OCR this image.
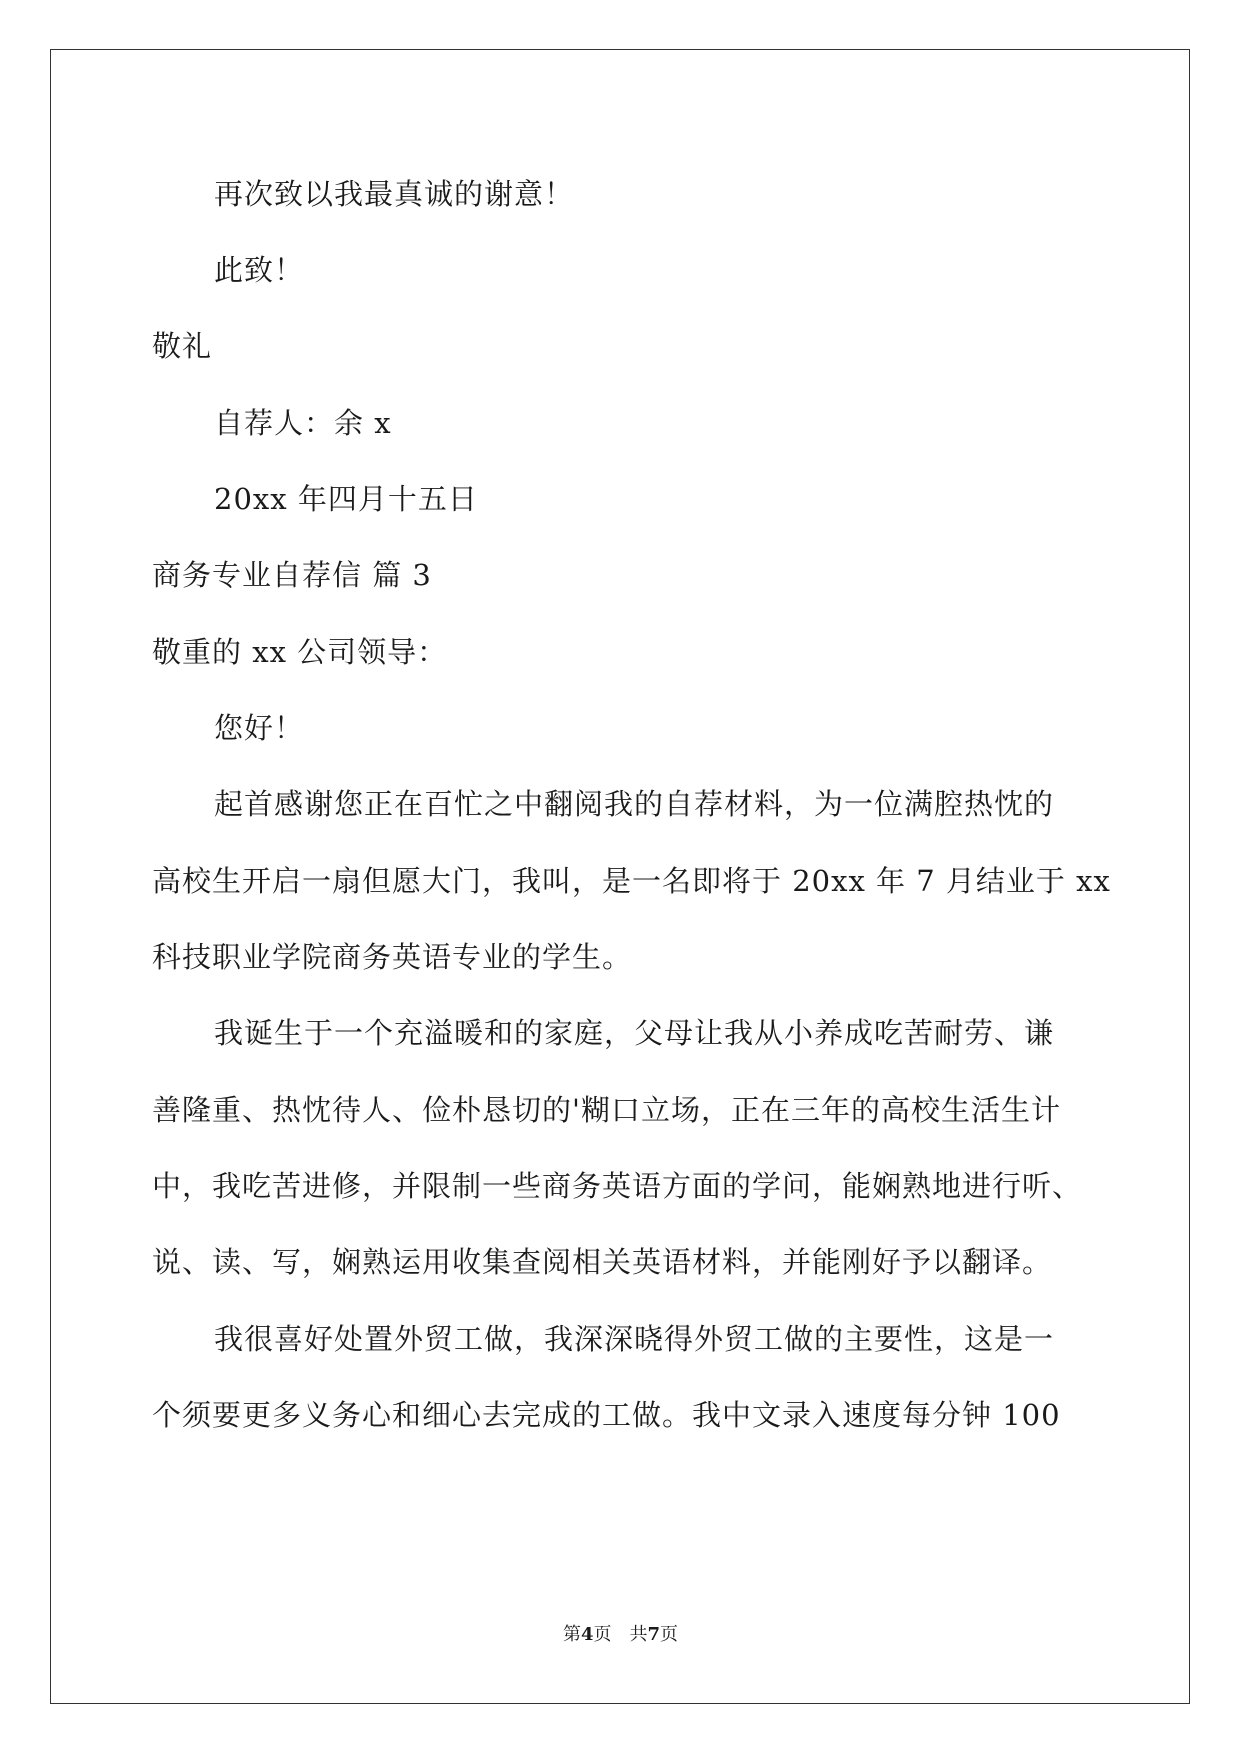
再次致以我最真诚的谢意！
此致！
敬礼
自荐人：余 x
20xx 年四月十五日
商务专业自荐信 篇 3
敬重的 xx 公司领导：
您好！
起首感谢您正在百忙之中翻阅我的自荐材料，为一位满腔热忱的
高校生开启一扇但愿大门，我叫，是一名即将于 20xx 年 7 月结业于 xx
科技职业学院商务英语专业的学生。
我诞生于一个充溢暖和的家庭，父母让我从小养成吃苦耐劳、谦
善隆重、热忱待人、俭朴恳切的'糊口立场，正在三年的高校生活生计
中，我吃苦进修，并限制一些商务英语方面的学问，能娴熟地进行听、
说、读、写，娴熟运用收集查阅相关英语材料，并能刚好予以翻译。
我很喜好处置外贸工做，我深深晓得外贸工做的主要性，这是一
个须要更多义务心和细心去完成的工做。我中文录入速度每分钟 100
第4页　共7页
